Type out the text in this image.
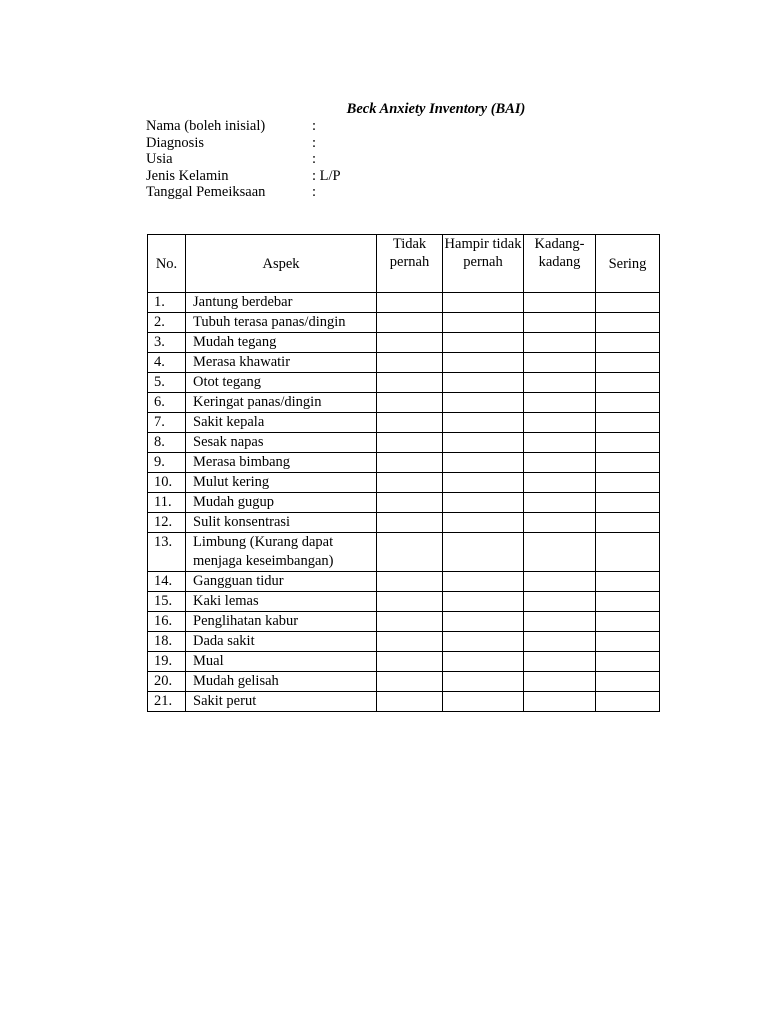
Beck Anxiety Inventory (BAI)
Nama (boleh inisial)	:
Diagnosis	:
Usia	:
Jenis Kelamin	: L/P
Tanggal Pemeiksaan	:
No.	Aspek	Tidak pernah	Hampir tidak pernah	Kadang-kadang	Sering
1.	Jantung berdebar				
2.	Tubuh terasa panas/dingin				
3.	Mudah tegang				
4.	Merasa khawatir				
5.	Otot tegang				
6.	Keringat panas/dingin				
7.	Sakit kepala				
8.	Sesak napas				
9.	Merasa bimbang				
10.	Mulut kering				
11.	Mudah gugup				
12.	Sulit konsentrasi				
13.	Limbung (Kurang dapat menjaga keseimbangan)				
14.	Gangguan tidur				
15.	Kaki lemas				
16.	Penglihatan kabur				
18.	Dada sakit				
19.	Mual				
20.	Mudah gelisah				
21.	Sakit perut				
